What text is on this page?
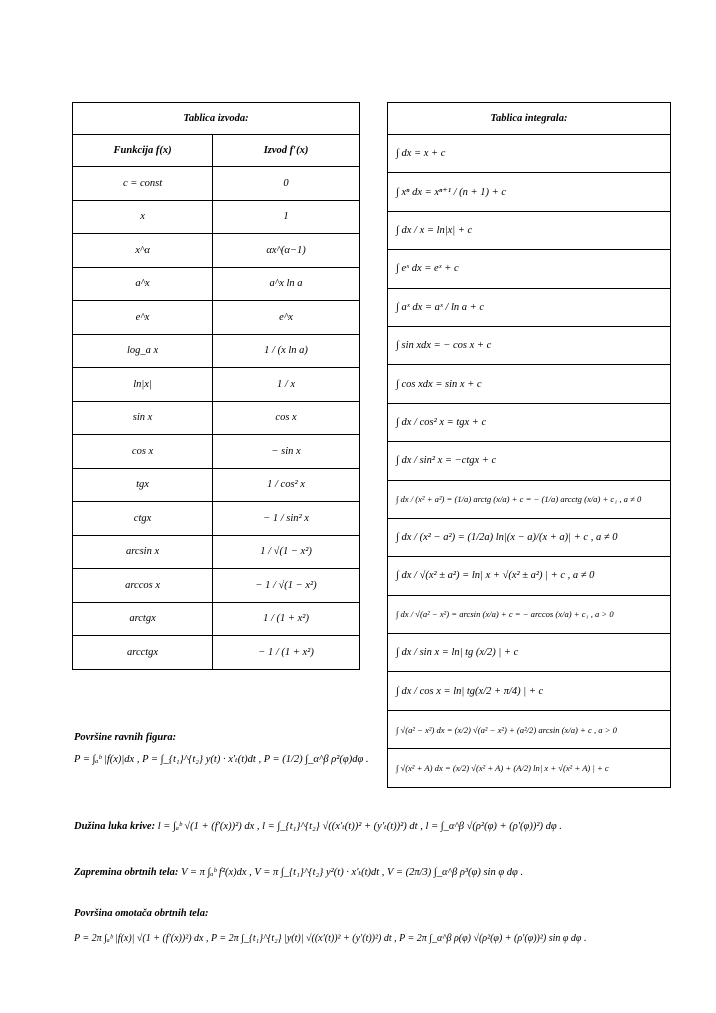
Tablica izvoda:	
Funkcija f(x)	Izvod f′(x)
c = const	0
x	1
x^α	αx^(α−1)
a^x	a^x ln a
e^x	e^x
log_a x	1 / (x ln a)
ln|x|	1 / x
sin x	cos x
cos x	− sin x
tgx	1 / cos² x
ctgx	− 1 / sin² x
arcsin x	1 / √(1 − x²)
arccos x	− 1 / √(1 − x²)
arctgx	1 / (1 + x²)
arcctgx	− 1 / (1 + x²)
Tablica integrala:
∫ dx = x + c
∫ xⁿ dx = xⁿ⁺¹ / (n + 1) + c
∫ dx / x = ln|x| + c
∫ eˣ dx = eˣ + c
∫ aˣ dx = aˣ / ln a + c
∫ sin xdx = − cos x + c
∫ cos xdx = sin x + c
∫ dx / cos² x = tgx + c
∫ dx / sin² x = −ctgx + c
∫ dx / (x² + a²) = (1/a) arctg (x/a) + c = − (1/a) arcctg (x/a) + c₁ , a ≠ 0
∫ dx / (x² − a²) = (1/2a) ln|(x − a)/(x + a)| + c , a ≠ 0
∫ dx / √(x² ± a²) = ln| x + √(x² ± a²) | + c , a ≠ 0
∫ dx / √(a² − x²) = arcsin (x/a) + c = − arccos (x/a) + c₁ , a > 0
∫ dx / sin x = ln| tg (x/2) | + c
∫ dx / cos x = ln| tg(x/2 + π/4) | + c
∫ √(a² − x²) dx = (x/2) √(a² − x²) + (a²/2) arcsin (x/a) + c , a > 0
∫ √(x² + A) dx = (x/2) √(x² + A) + (A/2) ln| x + √(x² + A) | + c
Površine ravnih figura:
P = ∫ₐᵇ |f(x)|dx , P = ∫_{t₁}^{t₂} y(t) · x′ₜ(t)dt , P = (1/2) ∫_α^β ρ²(φ)dφ .
Dužina luka krive: l = ∫ₐᵇ √(1 + (f′(x))²) dx , l = ∫_{t₁}^{t₂} √((x′ₜ(t))² + (y′ₜ(t))²) dt , l = ∫_α^β √(ρ²(φ) + (ρ′(φ))²) dφ .
Zapremina obrtnih tela: V = π ∫ₐᵇ f²(x)dx , V = π ∫_{t₁}^{t₂} y²(t) · x′ₜ(t)dt , V = (2π/3) ∫_α^β ρ³(φ) sin φ dφ .
Površina omotača obrtnih tela:
P = 2π ∫ₐᵇ |f(x)| √(1 + (f′(x))²) dx , P = 2π ∫_{t₁}^{t₂} |y(t)| √((x′(t))² + (y′(t))²) dt , P = 2π ∫_α^β ρ(φ) √(ρ²(φ) + (ρ′(φ))²) sin φ dφ .
